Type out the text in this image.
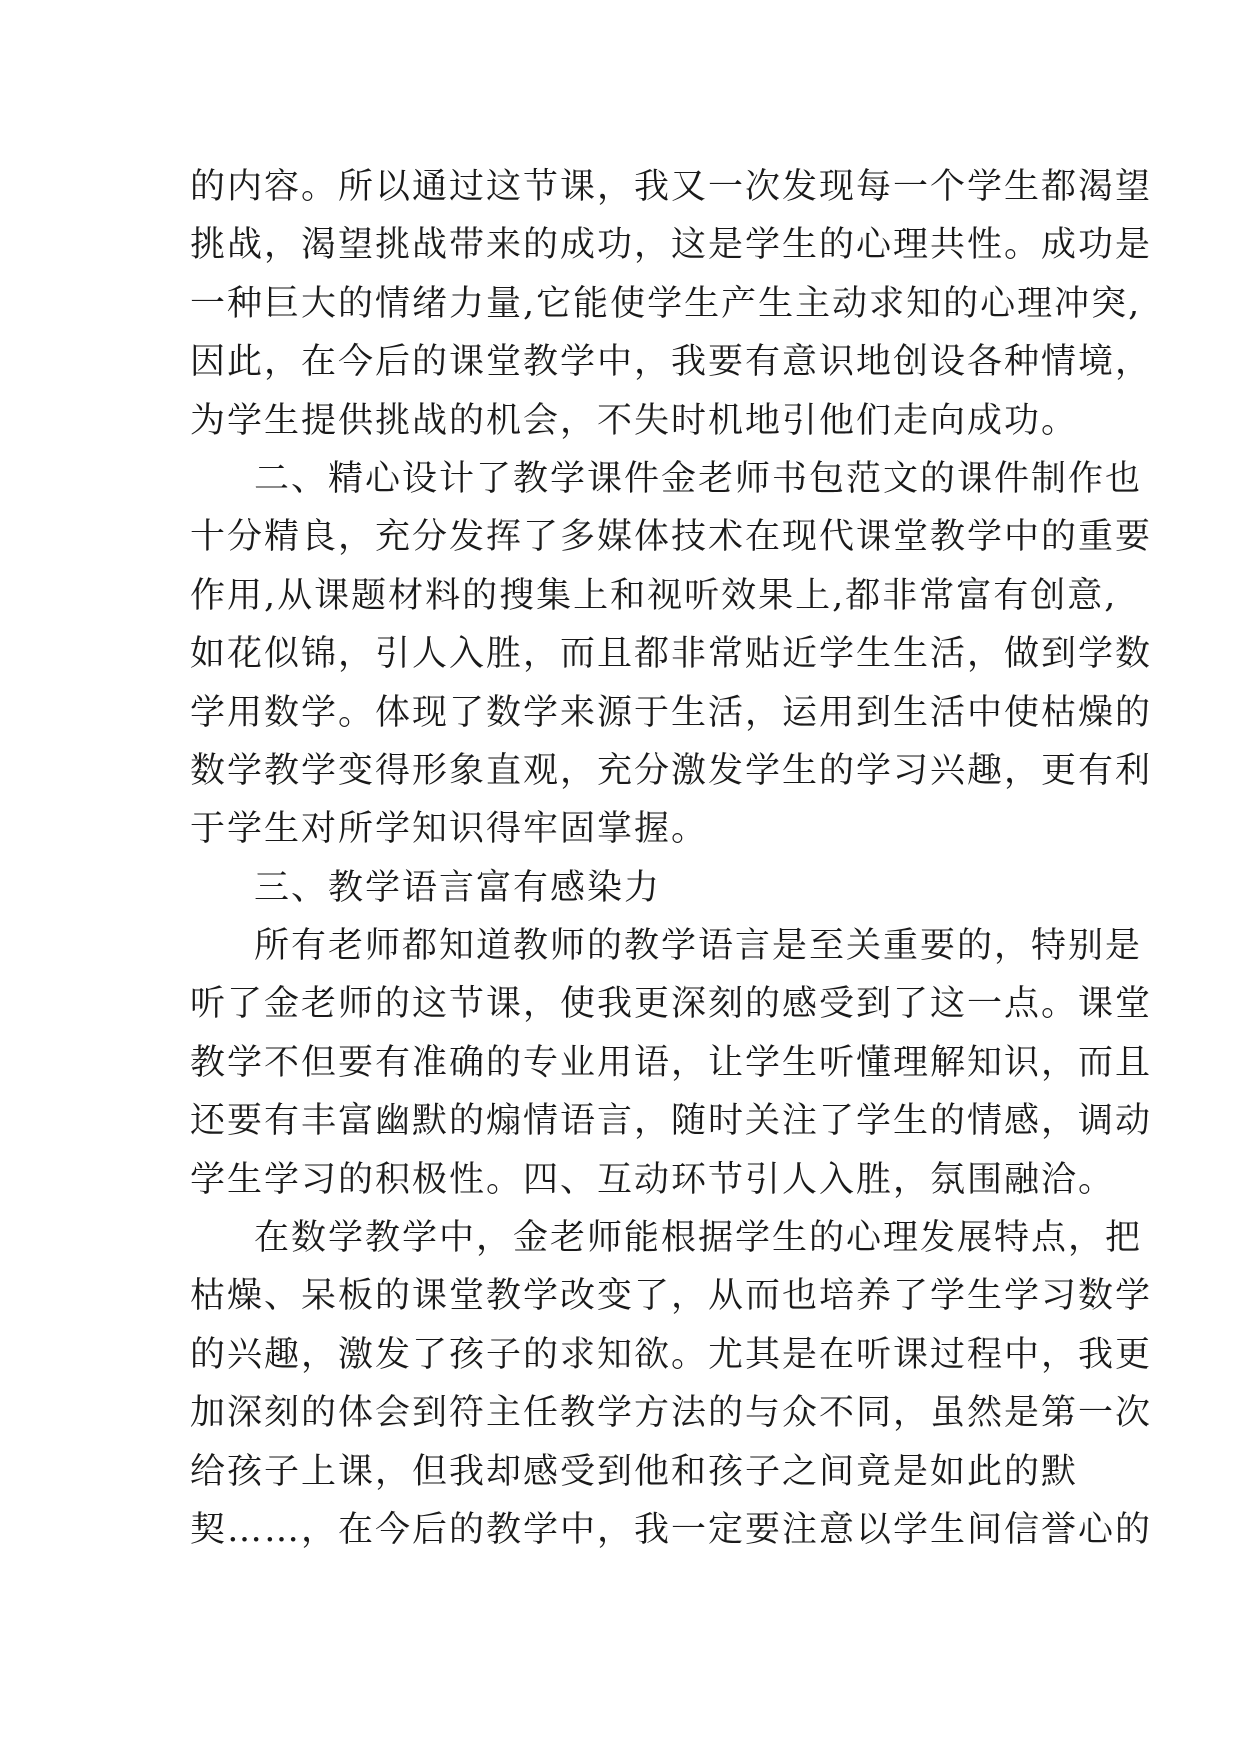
的内容。所以通过这节课，我又一次发现每一个学生都渴望
挑战，渴望挑战带来的成功，这是学生的心理共性。成功是
一种巨大的情绪力量,它能使学生产生主动求知的心理冲突,
因此，在今后的课堂教学中，我要有意识地创设各种情境，
为学生提供挑战的机会，不失时机地引他们走向成功。
二、精心设计了教学课件金老师书包范文的课件制作也
十分精良，充分发挥了多媒体技术在现代课堂教学中的重要
作用,从课题材料的搜集上和视听效果上,都非常富有创意,
如花似锦，引人入胜，而且都非常贴近学生生活，做到学数
学用数学。体现了数学来源于生活，运用到生活中使枯燥的
数学教学变得形象直观，充分激发学生的学习兴趣，更有利
于学生对所学知识得牢固掌握。
三、教学语言富有感染力
所有老师都知道教师的教学语言是至关重要的，特别是
听了金老师的这节课，使我更深刻的感受到了这一点。课堂
教学不但要有准确的专业用语，让学生听懂理解知识，而且
还要有丰富幽默的煽情语言，随时关注了学生的情感，调动
学生学习的积极性。四、互动环节引人入胜，氛围融洽。
在数学教学中，金老师能根据学生的心理发展特点，把
枯燥、呆板的课堂教学改变了，从而也培养了学生学习数学
的兴趣，激发了孩子的求知欲。尤其是在听课过程中，我更
加深刻的体会到符主任教学方法的与众不同，虽然是第一次
给孩子上课，但我却感受到他和孩子之间竟是如此的默
契……，在今后的教学中，我一定要注意以学生间信誉心的
